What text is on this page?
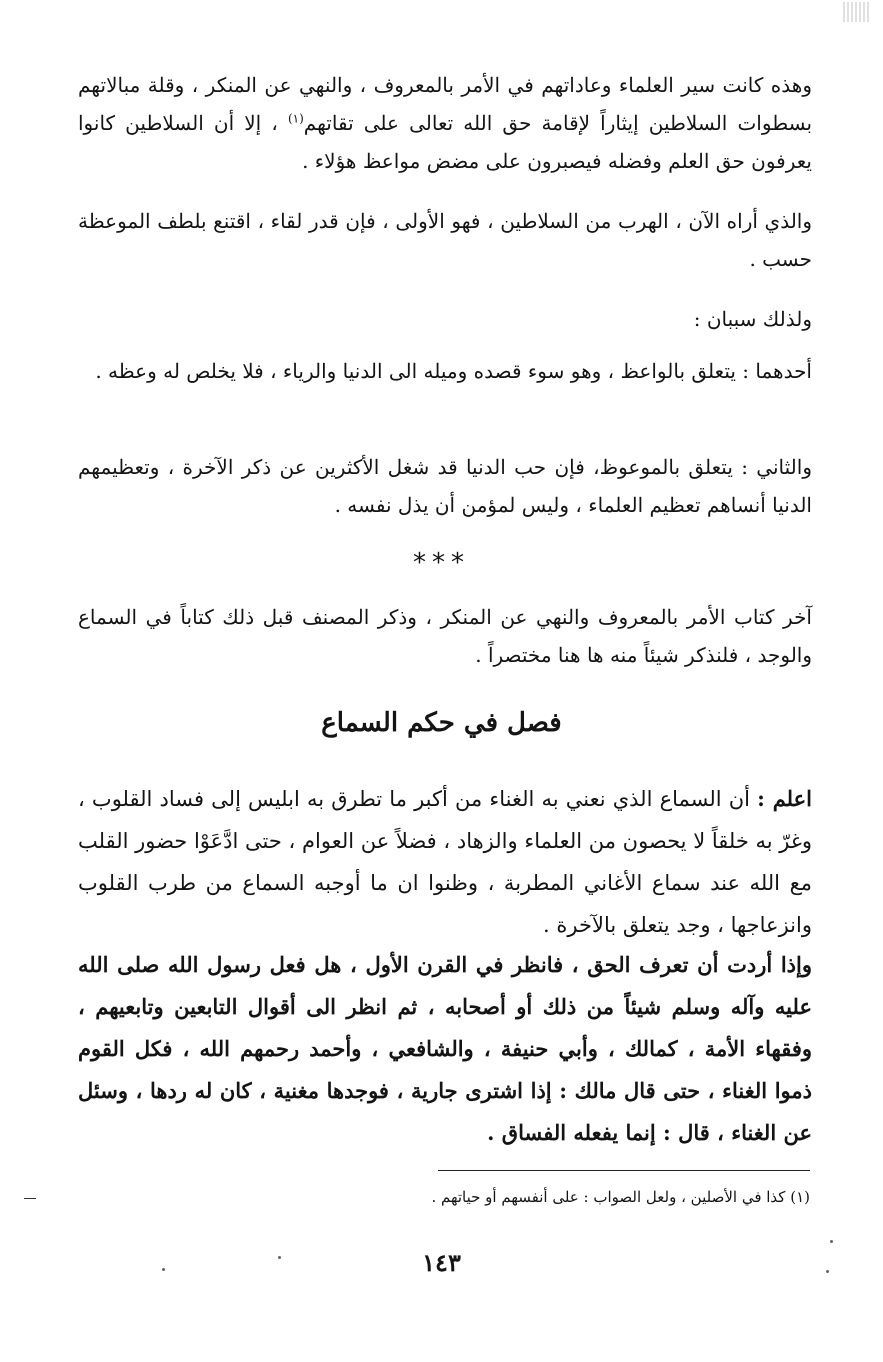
وهذه كانت سير العلماء وعاداتهم في الأمر بالمعروف ، والنهي عن المنكر ، وقلة مبالاتهم بسطوات السلاطين إيثاراً لإقامة حق الله تعالى على تقاتهم$^{(١)}$ ، إلا أن السلاطين كانوا يعرفون حق العلم وفضله فيصبرون على مضض مواعظ هؤلاء .

والذي أراه الآن ، الهرب من السلاطين ، فهو الأولى ، فإن قدر لقاء ، اقتنع بلطف الموعظة حسب .

ولذلك سببان :

أحدهما : يتعلق بالواعظ ، وهو سوء قصده وميله الى الدنيا والرياء ، فلا يخلص له وعظه .

والثاني : يتعلق بالموعوظ، فإن حب الدنيا قد شغل الأكثرين عن ذكر الآخرة ، وتعظيمهم الدنيا أنساهم تعظيم العلماء ، وليس لمؤمن أن يذل نفسه .

***

آخر كتاب الأمر بالمعروف والنهي عن المنكر ، وذكر المصنف قبل ذلك كتاباً في السماع والوجد ، فلنذكر شيئاً منه ها هنا مختصراً .

فصل في حكم السماع

اعلم : أن السماع الذي نعني به الغناء من أكبر ما تطرق به ابليس إلى فساد القلوب ، وغرّ به خلقاً لا يحصون من العلماء والزهاد ، فضلاً عن العوام ، حتى ادَّعَوْا حضور القلب مع الله عند سماع الأغاني المطربة ، وظنوا ان ما أوجبه السماع من طرب القلوب وانزعاجها ، وجد يتعلق بالآخرة .

وإذا أردت أن تعرف الحق ، فانظر في القرن الأول ، هل فعل رسول الله صلى الله عليه وآله وسلم شيئاً من ذلك أو أصحابه ، ثم انظر الى أقوال التابعين وتابعيهم ، وفقهاء الأمة ، كمالك ، وأبي حنيفة ، والشافعي ، وأحمد رحمهم الله ، فكل القوم ذموا الغناء ، حتى قال مالك : إذا اشترى جارية ، فوجدها مغنية ، كان له ردها ، وسئل عن الغناء ، قال : إنما يفعله الفساق .

(١) كذا في الأصلين ، ولعل الصواب : على أنفسهم أو حياتهم .

١٤٣
